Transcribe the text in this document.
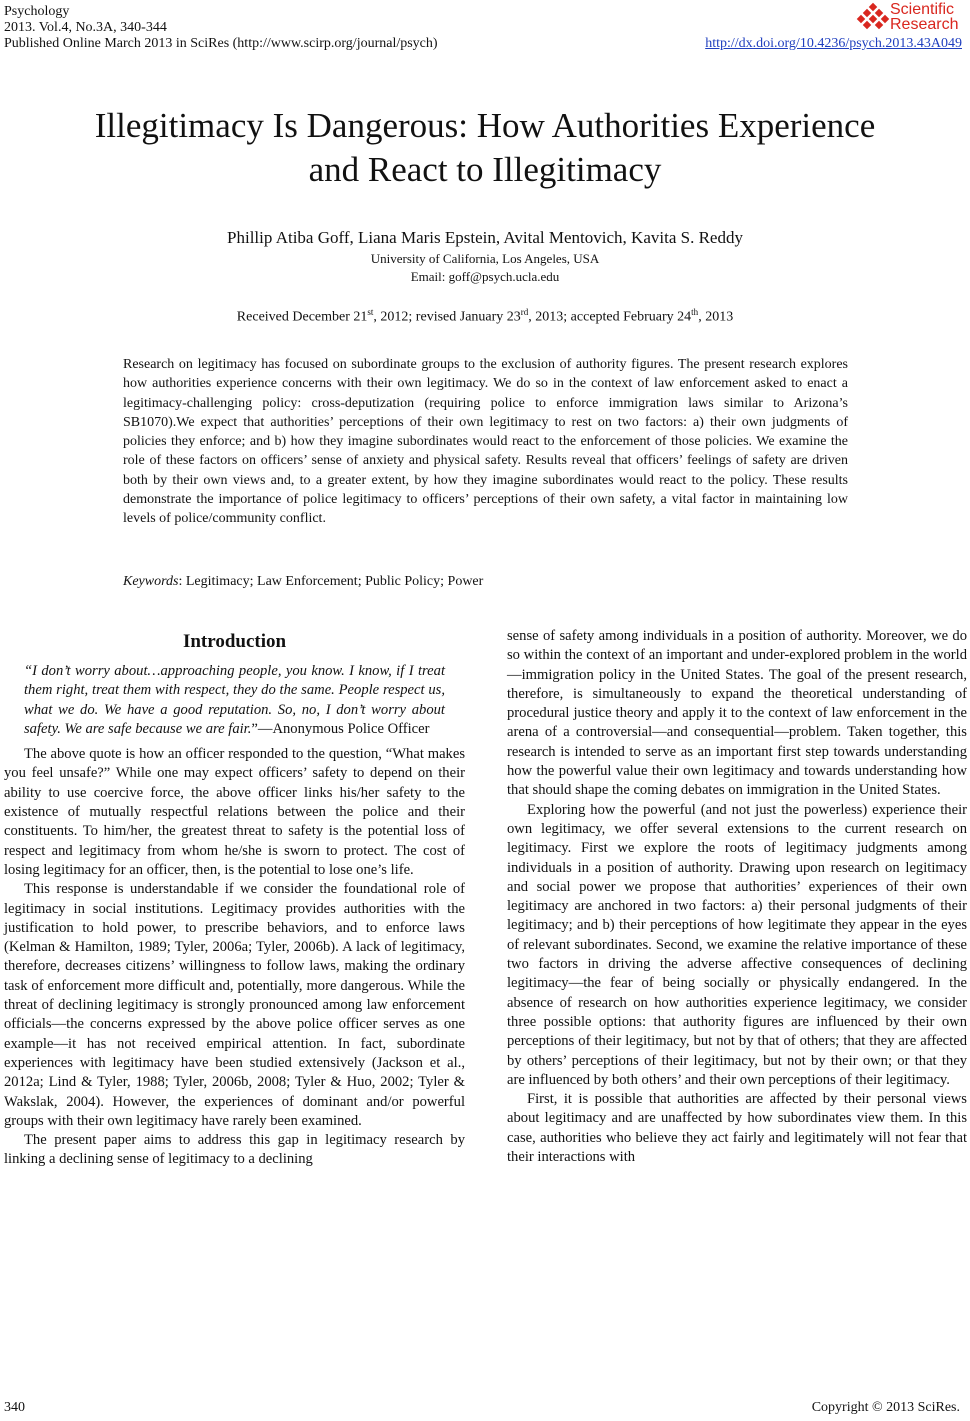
Psychology
2013. Vol.4, No.3A, 340-344
Published Online March 2013 in SciRes (http://www.scirp.org/journal/psych)
Scientific
Research
http://dx.doi.org/10.4236/psych.2013.43A049
Illegitimacy Is Dangerous: How Authorities Experience
and React to Illegitimacy
Phillip Atiba Goff, Liana Maris Epstein, Avital Mentovich, Kavita S. Reddy
University of California, Los Angeles, USA
Email: goff@psych.ucla.edu
Received December 21st, 2012; revised January 23rd, 2013; accepted February 24th, 2013
Research on legitimacy has focused on subordinate groups to the exclusion of authority figures. The present research explores how authorities experience concerns with their own legitimacy. We do so in the context of law enforcement asked to enact a legitimacy-challenging policy: cross-deputization (requiring police to enforce immigration laws similar to Arizona’s SB1070).We expect that authorities’ perceptions of their own legitimacy to rest on two factors: a) their own judgments of policies they enforce; and b) how they imagine subordinates would react to the enforcement of those policies. We examine the role of these factors on officers’ sense of anxiety and physical safety. Results reveal that officers’ feelings of safety are driven both by their own views and, to a greater extent, by how they imagine subordinates would react to the policy. These results demonstrate the importance of police legitimacy to officers’ perceptions of their own safety, a vital factor in maintaining low levels of police/community conflict.
Keywords: Legitimacy; Law Enforcement; Public Policy; Power
Introduction
“I don’t worry about…approaching people, you know. I know, if I treat them right, treat them with respect, they do the same. People respect us, what we do. We have a good reputation. So, no, I don’t worry about safety. We are safe because we are fair.”—Anonymous Police Officer

The above quote is how an officer responded to the question, “What makes you feel unsafe?” While one may expect officers’ safety to depend on their ability to use coercive force, the above officer links his/her safety to the existence of mutually respectful relations between the police and their constituents. To him/her, the greatest threat to safety is the potential loss of respect and legitimacy from whom he/she is sworn to protect. The cost of losing legitimacy for an officer, then, is the potential to lose one’s life.

This response is understandable if we consider the foundational role of legitimacy in social institutions. Legitimacy provides authorities with the justification to hold power, to prescribe behaviors, and to enforce laws (Kelman & Hamilton, 1989; Tyler, 2006a; Tyler, 2006b). A lack of legitimacy, therefore, decreases citizens’ willingness to follow laws, making the ordinary task of enforcement more difficult and, potentially, more dangerous. While the threat of declining legitimacy is strongly pronounced among law enforcement officials—the concerns expressed by the above police officer serves as one example—it has not received empirical attention. In fact, subordinate experiences with legitimacy have been studied extensively (Jackson et al., 2012a; Lind & Tyler, 1988; Tyler, 2006b, 2008; Tyler & Huo, 2002; Tyler & Wakslak, 2004). However, the experiences of dominant and/or powerful groups with their own legitimacy have rarely been examined.

The present paper aims to address this gap in legitimacy research by linking a declining sense of legitimacy to a declining

sense of safety among individuals in a position of authority. Moreover, we do so within the context of an important and under-explored problem in the world—immigration policy in the United States. The goal of the present research, therefore, is simultaneously to expand the theoretical understanding of procedural justice theory and apply it to the context of law enforcement in the arena of a controversial—and consequential—problem. Taken together, this research is intended to serve as an important first step towards understanding how the powerful value their own legitimacy and towards understanding how that should shape the coming debates on immigration in the United States.

Exploring how the powerful (and not just the powerless) experience their own legitimacy, we offer several extensions to the current research on legitimacy. First we explore the roots of legitimacy judgments among individuals in a position of authority. Drawing upon research on legitimacy and social power we propose that authorities’ experiences of their own legitimacy are anchored in two factors: a) their personal judgments of their legitimacy; and b) their perceptions of how legitimate they appear in the eyes of relevant subordinates. Second, we examine the relative importance of these two factors in driving the adverse affective consequences of declining legitimacy—the fear of being socially or physically endangered. In the absence of research on how authorities experience legitimacy, we consider three possible options: that authority figures are influenced by their own perceptions of their legitimacy, but not by that of others; that they are affected by others’ perceptions of their legitimacy, but not by their own; or that they are influenced by both others’ and their own perceptions of their legitimacy.

First, it is possible that authorities are affected by their personal views about legitimacy and are unaffected by how subordinates view them. In this case, authorities who believe they act fairly and legitimately will not fear that their interactions with

340	Copyright © 2013 SciRes.
